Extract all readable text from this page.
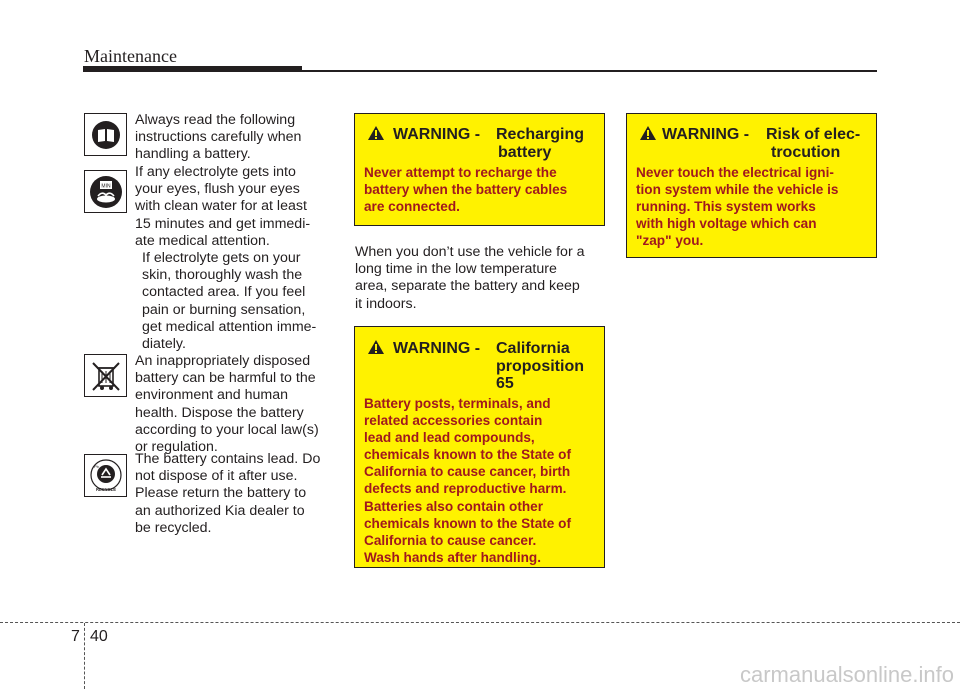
Maintenance
MIN
RECYCLE
Pb
Always read the following
instructions carefully when
handling a battery.
If any electrolyte gets into
your eyes, flush your eyes
with clean water for at least
15 minutes and get immedi-
ate medical attention.
If electrolyte gets on your
skin, thoroughly wash the
contacted area. If you feel
pain or burning sensation,
get medical attention imme-
diately.
An inappropriately disposed
battery can be harmful to the
environment and human
health. Dispose the battery
according to your local law(s)
or regulation.
The battery contains lead. Do
not dispose of it after use.
Please return the battery to
an authorized Kia dealer to
be recycled.
WARNING - Recharging
battery
Never attempt to recharge the
battery when the battery cables
are connected.
When you don’t use the vehicle for a
long time in the low temperature
area, separate the battery and keep
it indoors.
WARNING - California
proposition
65
Battery posts, terminals, and
related accessories contain
lead and lead compounds,
chemicals known to the State of
California to cause cancer, birth
defects and reproductive harm.
Batteries also contain other
chemicals known to the State of
California to cause cancer.
Wash hands after handling.
WARNING - Risk of elec-
trocution
Never touch the electrical igni-
tion system while the vehicle is
running. This system works
with high voltage which can
"zap" you.
7 40
carmanualsonline.info
